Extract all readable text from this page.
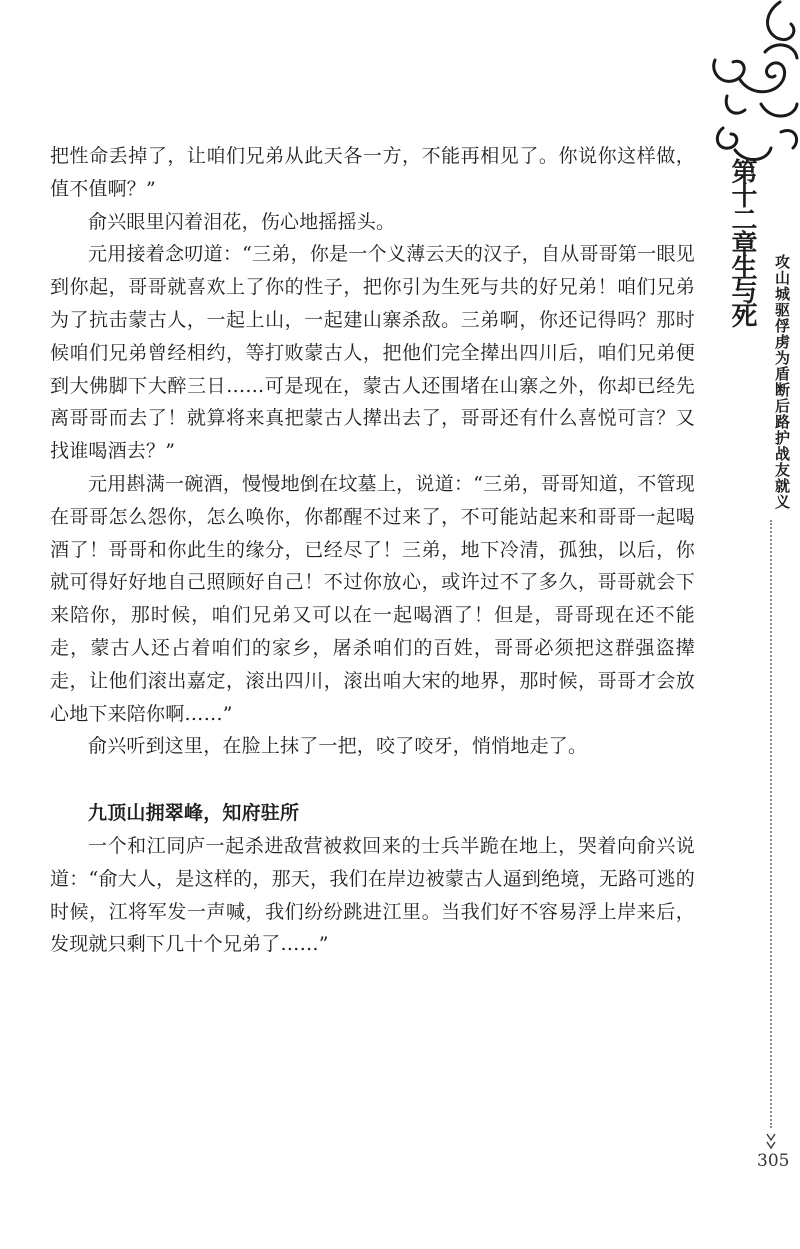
把性命丢掉了，让咱们兄弟从此天各一方，不能再相见了。你说你这样做，值不值啊？”

俞兴眼里闪着泪花，伤心地摇摇头。

元用接着念叨道：“三弟，你是一个义薄云天的汉子，自从哥哥第一眼见到你起，哥哥就喜欢上了你的性子，把你引为生死与共的好兄弟！咱们兄弟为了抗击蒙古人，一起上山，一起建山寨杀敌。三弟啊，你还记得吗？那时候咱们兄弟曾经相约，等打败蒙古人，把他们完全撵出四川后，咱们兄弟便到大佛脚下大醉三日……可是现在，蒙古人还围堵在山寨之外，你却已经先离哥哥而去了！就算将来真把蒙古人撵出去了，哥哥还有什么喜悦可言？又找谁喝酒去？”

元用斟满一碗酒，慢慢地倒在坟墓上，说道：“三弟，哥哥知道，不管现在哥哥怎么怨你，怎么唤你，你都醒不过来了，不可能站起来和哥哥一起喝酒了！哥哥和你此生的缘分，已经尽了！三弟，地下冷清，孤独，以后，你就可得好好地自己照顾好自己！不过你放心，或许过不了多久，哥哥就会下来陪你，那时候，咱们兄弟又可以在一起喝酒了！但是，哥哥现在还不能走，蒙古人还占着咱们的家乡，屠杀咱们的百姓，哥哥必须把这群强盗撵走，让他们滚出嘉定，滚出四川，滚出咱大宋的地界，那时候，哥哥才会放心地下来陪你啊……”

俞兴听到这里，在脸上抹了一把，咬了咬牙，悄悄地走了。

九顶山拥翠峰，知府驻所

一个和江同庐一起杀进敌营被救回来的士兵半跪在地上，哭着向俞兴说道：“俞大人，是这样的，那天，我们在岸边被蒙古人逼到绝境，无路可逃的时候，江将军发一声喊，我们纷纷跳进江里。当我们好不容易浮上岸来后，发现就只剩下几十个兄弟了……”

第十二章生与死	攻山城驱俘虏为盾断后路护战友就义
305
